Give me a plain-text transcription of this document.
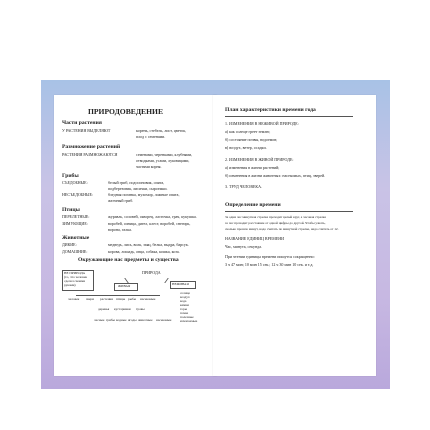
ПРИРОДОВЕДЕНИЕ
Части растения
У РАСТЕНИЯ ВЫДЕЛЯЮТ	корень, стебель, лист, цветок,
плод с семенами.
Размножение растений
РАСТЕНИЯ РАЗМНОЖАЮТСЯ	семенами, черенками, клубнями,
отводками, усами, луковицами,
частями корня.
Грибы
СЪЕДОБНЫЕ:	белый гриб, подосиновик, опята,
подберезовик, лисички, сыроежки.
НЕСЪЕДОБНЫЕ:	бледная поганка, мухомор, ложные опята,
желчный гриб.
Птицы
ПЕРЕЛЕТНЫЕ:	журавль, соловей, скворец, ласточка, грач, кукушка.
ЗИМУЮЩИЕ:	воробей, синица, дятел, клест, воробей, снегирь,
ворона, галка.
Животные
ДИКИЕ:	медведь, лись, волк, заяц, белка, выдра, барсук.
ДОМАШНИЕ:	корова, лошадь, овца, собака, кошка, коза.
Окружающие нас предметы и существа
НЕ ПРИРОДА
(то, что человек
сделал своими
руками)
ПРИРОДА
ЖИВАЯ	НЕЖИВАЯ
человек звери растения птицы рыбы насекомые
деревья кустарники травы
лесные грибы водные ягоды животные насекомые
солнце
воздух
вода
камни
горы
почва
полезные
ископаемые
План характеристики времени года
1. ИЗМЕНЕНИЯ В НЕЖИВОЙ ПРИРОДЕ:
а) как солнце греет землю;
б) состояние почвы, водоемов;
в) воздух, ветер, осадки.
2. ИЗМЕНЕНИЯ В ЖИВОЙ ПРИРОДЕ:
а) изменения в жизни растений;
б) изменения в жизни животных: насекомых, птиц, зверей.
3. ТРУД ЧЕЛОВЕКА.
Определение времени
За одни час минутная стрелка проходит целый круг, а часовая стрелка
за час проходит расстояние от одной цифры до другой. Чтобы узнать,
сколько прошло минут, надо считать по минутной стрелке, надо считать от 12.
НАЗВАНИЕ ЕДИНИЦ ВРЕМЕНИ
Час, минута, секунда.
При чтении единицы времени пишутся сокращенно:
3 ч 47 мин; 10 мин 15 сек.; 12 ч 30 мин 10 сек. и т.д.
